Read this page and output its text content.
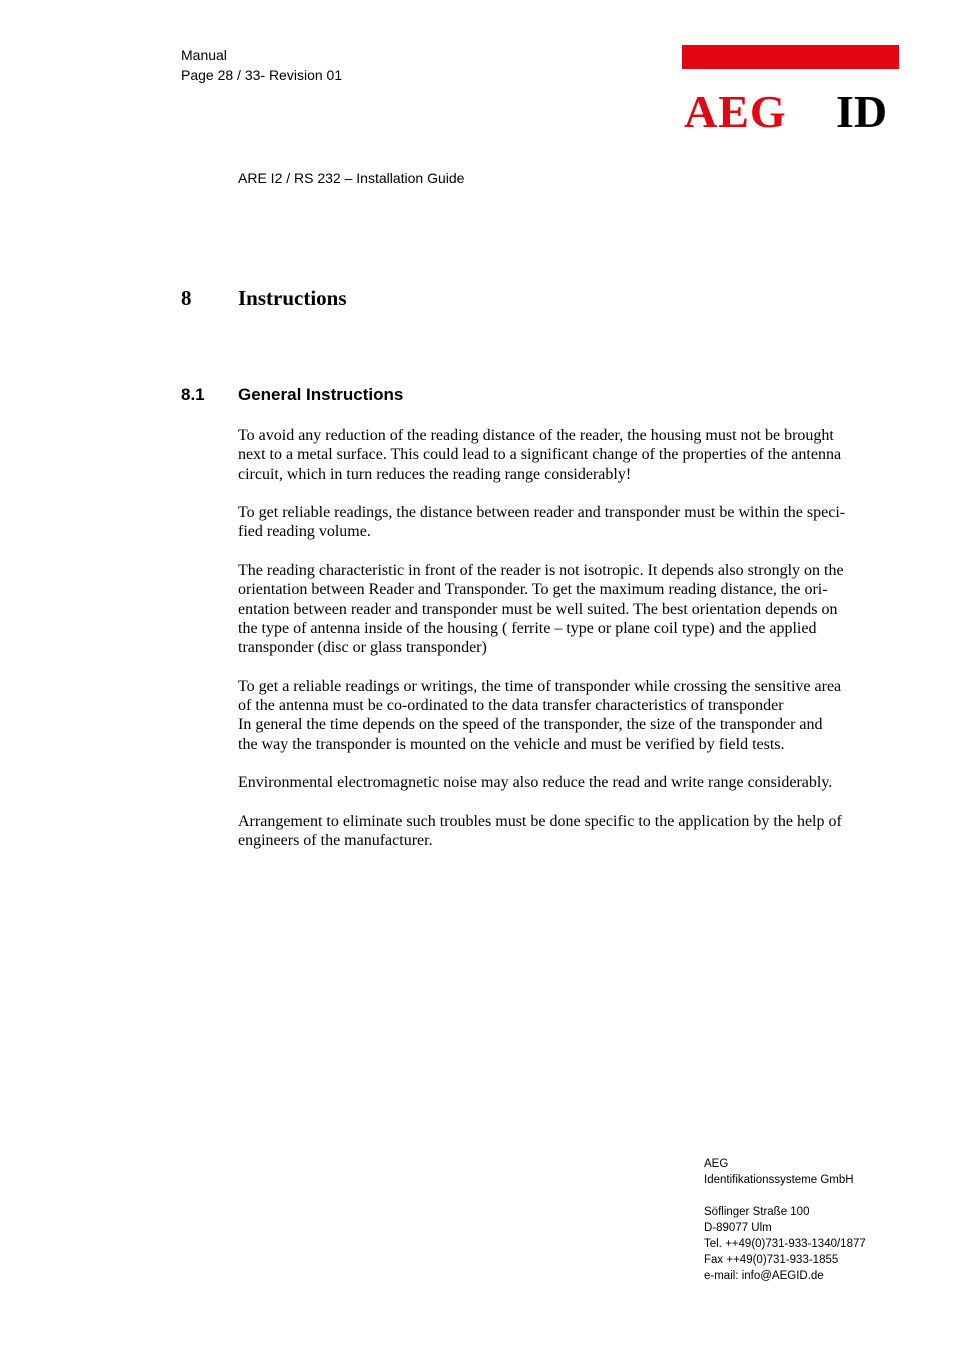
Manual
Page 28 / 33- Revision 01
AEG ID
ARE I2 / RS 232 – Installation Guide
8 Instructions
8.1 General Instructions
To avoid any reduction of the reading distance of the reader, the housing must not be brought
next to a metal surface. This could lead to a significant change of the properties of the antenna
circuit, which in turn reduces the reading range considerably!
To get reliable readings, the distance between reader and transponder must be within the speci-
fied reading volume.
The reading characteristic in front of the reader is not isotropic. It depends also strongly on the
orientation between Reader and Transponder. To get the maximum reading distance, the ori-
entation between reader and transponder must be well suited. The best orientation depends on
the type of antenna inside of the housing ( ferrite – type or plane coil type) and the applied
transponder (disc or glass transponder)
To get a reliable readings or writings, the time of transponder while crossing the sensitive area
of the antenna must be co-ordinated to the data transfer characteristics of transponder
In general the time depends on the speed of the transponder, the size of the transponder and
the way the transponder is mounted on the vehicle and must be verified by field tests.
Environmental electromagnetic noise may also reduce the read and write range considerably.
Arrangement to eliminate such troubles must be done specific to the application by the help of
engineers of the manufacturer.
AEG
Identifikationssysteme GmbH
Söflinger Straße 100
D-89077 Ulm
Tel. ++49(0)731-933-1340/1877
Fax ++49(0)731-933-1855
e-mail: info@AEGID.de
